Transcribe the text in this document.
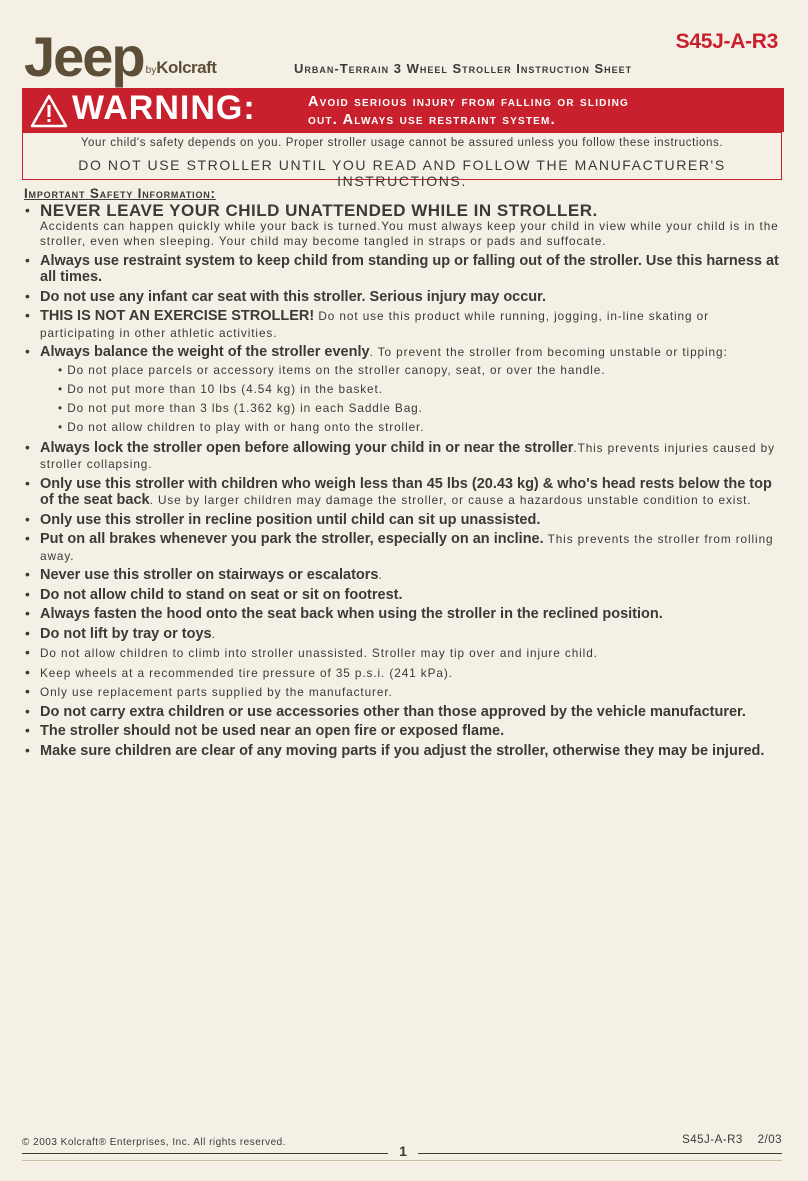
Jeep byKolcraft
S45J-A-R3
Urban-Terrain 3 Wheel Stroller Instruction Sheet
WARNING:	Avoid serious injury from falling or sliding
out. Always use restraint system.
Your child's safety depends on you. Proper stroller usage cannot be assured unless you follow these instructions.
DO NOT USE STROLLER UNTIL YOU READ AND FOLLOW THE MANUFACTURER'S INSTRUCTIONS.
Important Safety Information:
• NEVER LEAVE YOUR CHILD UNATTENDED WHILE IN STROLLER.
Accidents can happen quickly while your back is turned.You must always keep your child in view while your child is in the stroller, even when sleeping. Your child may become tangled in straps or pads and suffocate.
• Always use restraint system to keep child from standing up or falling out of the stroller. Use this harness at all times.
• Do not use any infant car seat with this stroller. Serious injury may occur.
• THIS IS NOT AN EXERCISE STROLLER! Do not use this product while running, jogging, in-line skating or participating in other athletic activities.
• Always balance the weight of the stroller evenly. To prevent the stroller from becoming unstable or tipping:
• Do not place parcels or accessory items on the stroller canopy, seat, or over the handle.
• Do not put more than 10 lbs (4.54 kg) in the basket.
• Do not put more than 3 lbs (1.362 kg) in each Saddle Bag.
• Do not allow children to play with or hang onto the stroller.
• Always lock the stroller open before allowing your child in or near the stroller.This prevents injuries caused by stroller collapsing.
• Only use this stroller with children who weigh less than 45 lbs (20.43 kg) & who's head rests below the top of the seat back. Use by larger children may damage the stroller, or cause a hazardous unstable condition to exist.
• Only use this stroller in recline position until child can sit up unassisted.
• Put on all brakes whenever you park the stroller, especially on an incline. This prevents the stroller from rolling away.
• Never use this stroller on stairways or escalators.
• Do not allow child to stand on seat or sit on footrest.
• Always fasten the hood onto the seat back when using the stroller in the reclined position.
• Do not lift by tray or toys.
• Do not allow children to climb into stroller unassisted. Stroller may tip over and injure child.
• Keep wheels at a recommended tire pressure of 35 p.s.i. (241 kPa).
• Only use replacement parts supplied by the manufacturer.
• Do not carry extra children or use accessories other than those approved by the vehicle manufacturer.
• The stroller should not be used near an open fire or exposed flame.
• Make sure children are clear of any moving parts if you adjust the stroller, otherwise they may be injured.
© 2003 Kolcraft® Enterprises, Inc. All rights reserved.	S45J-A-R3 2/03
1
